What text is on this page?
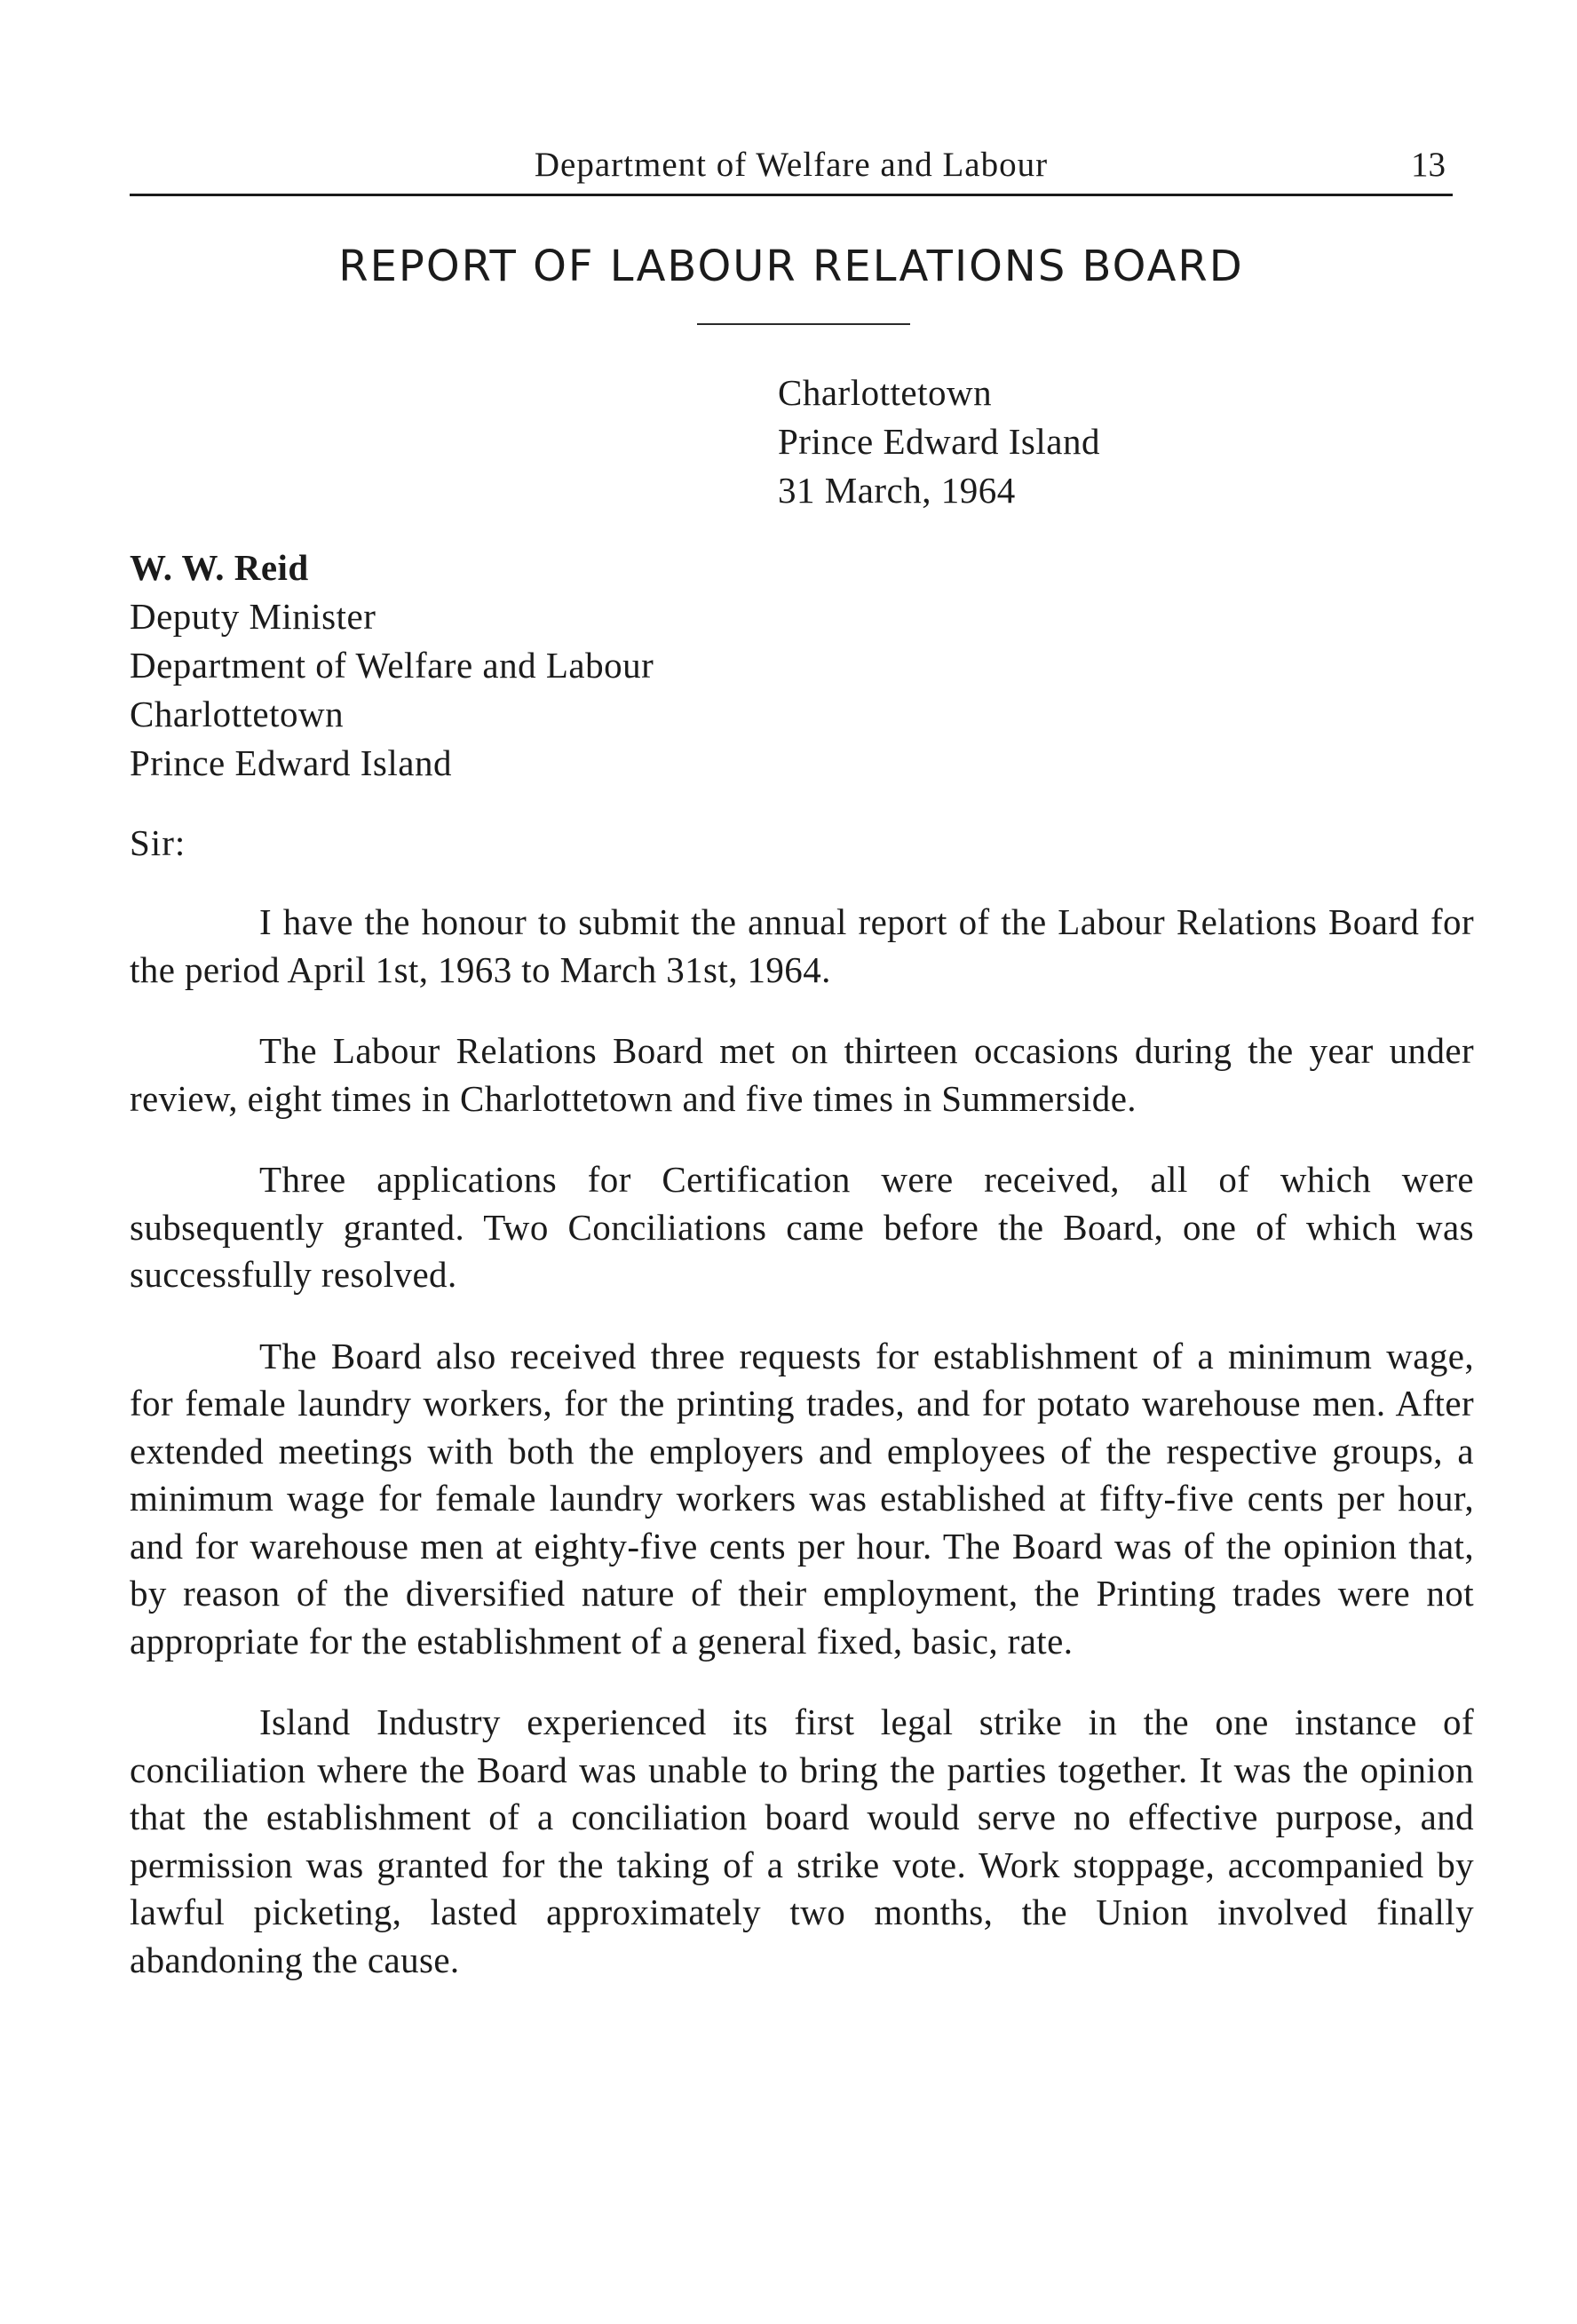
Department of Welfare and Labour	13
REPORT OF LABOUR RELATIONS BOARD
Charlottetown
Prince Edward Island
31 March, 1964
W. W. Reid
Deputy Minister
Department of Welfare and Labour
Charlottetown
Prince Edward Island
Sir:

I have the honour to submit the annual report of the Labour Relations Board for the period April 1st, 1963 to March 31st, 1964.

The Labour Relations Board met on thirteen occasions during the year under review, eight times in Charlottetown and five times in Summerside.

Three applications for Certification were received, all of which were subsequently granted. Two Conciliations came before the Board, one of which was successfully resolved.

The Board also received three requests for establishment of a minimum wage, for female laundry workers, for the printing trades, and for potato warehouse men. After extended meetings with both the employers and employees of the respective groups, a minimum wage for female laundry workers was established at fifty-five cents per hour, and for warehouse men at eighty-five cents per hour. The Board was of the opinion that, by reason of the diversified nature of their employment, the Printing trades were not appropriate for the establishment of a general fixed, basic, rate.

Island Industry experienced its first legal strike in the one instance of conciliation where the Board was unable to bring the parties together. It was the opinion that the establishment of a conciliation board would serve no effective purpose, and permission was granted for the taking of a strike vote. Work stoppage, accompanied by lawful picketing, lasted approximately two months, the Union involved finally abandoning the cause.
